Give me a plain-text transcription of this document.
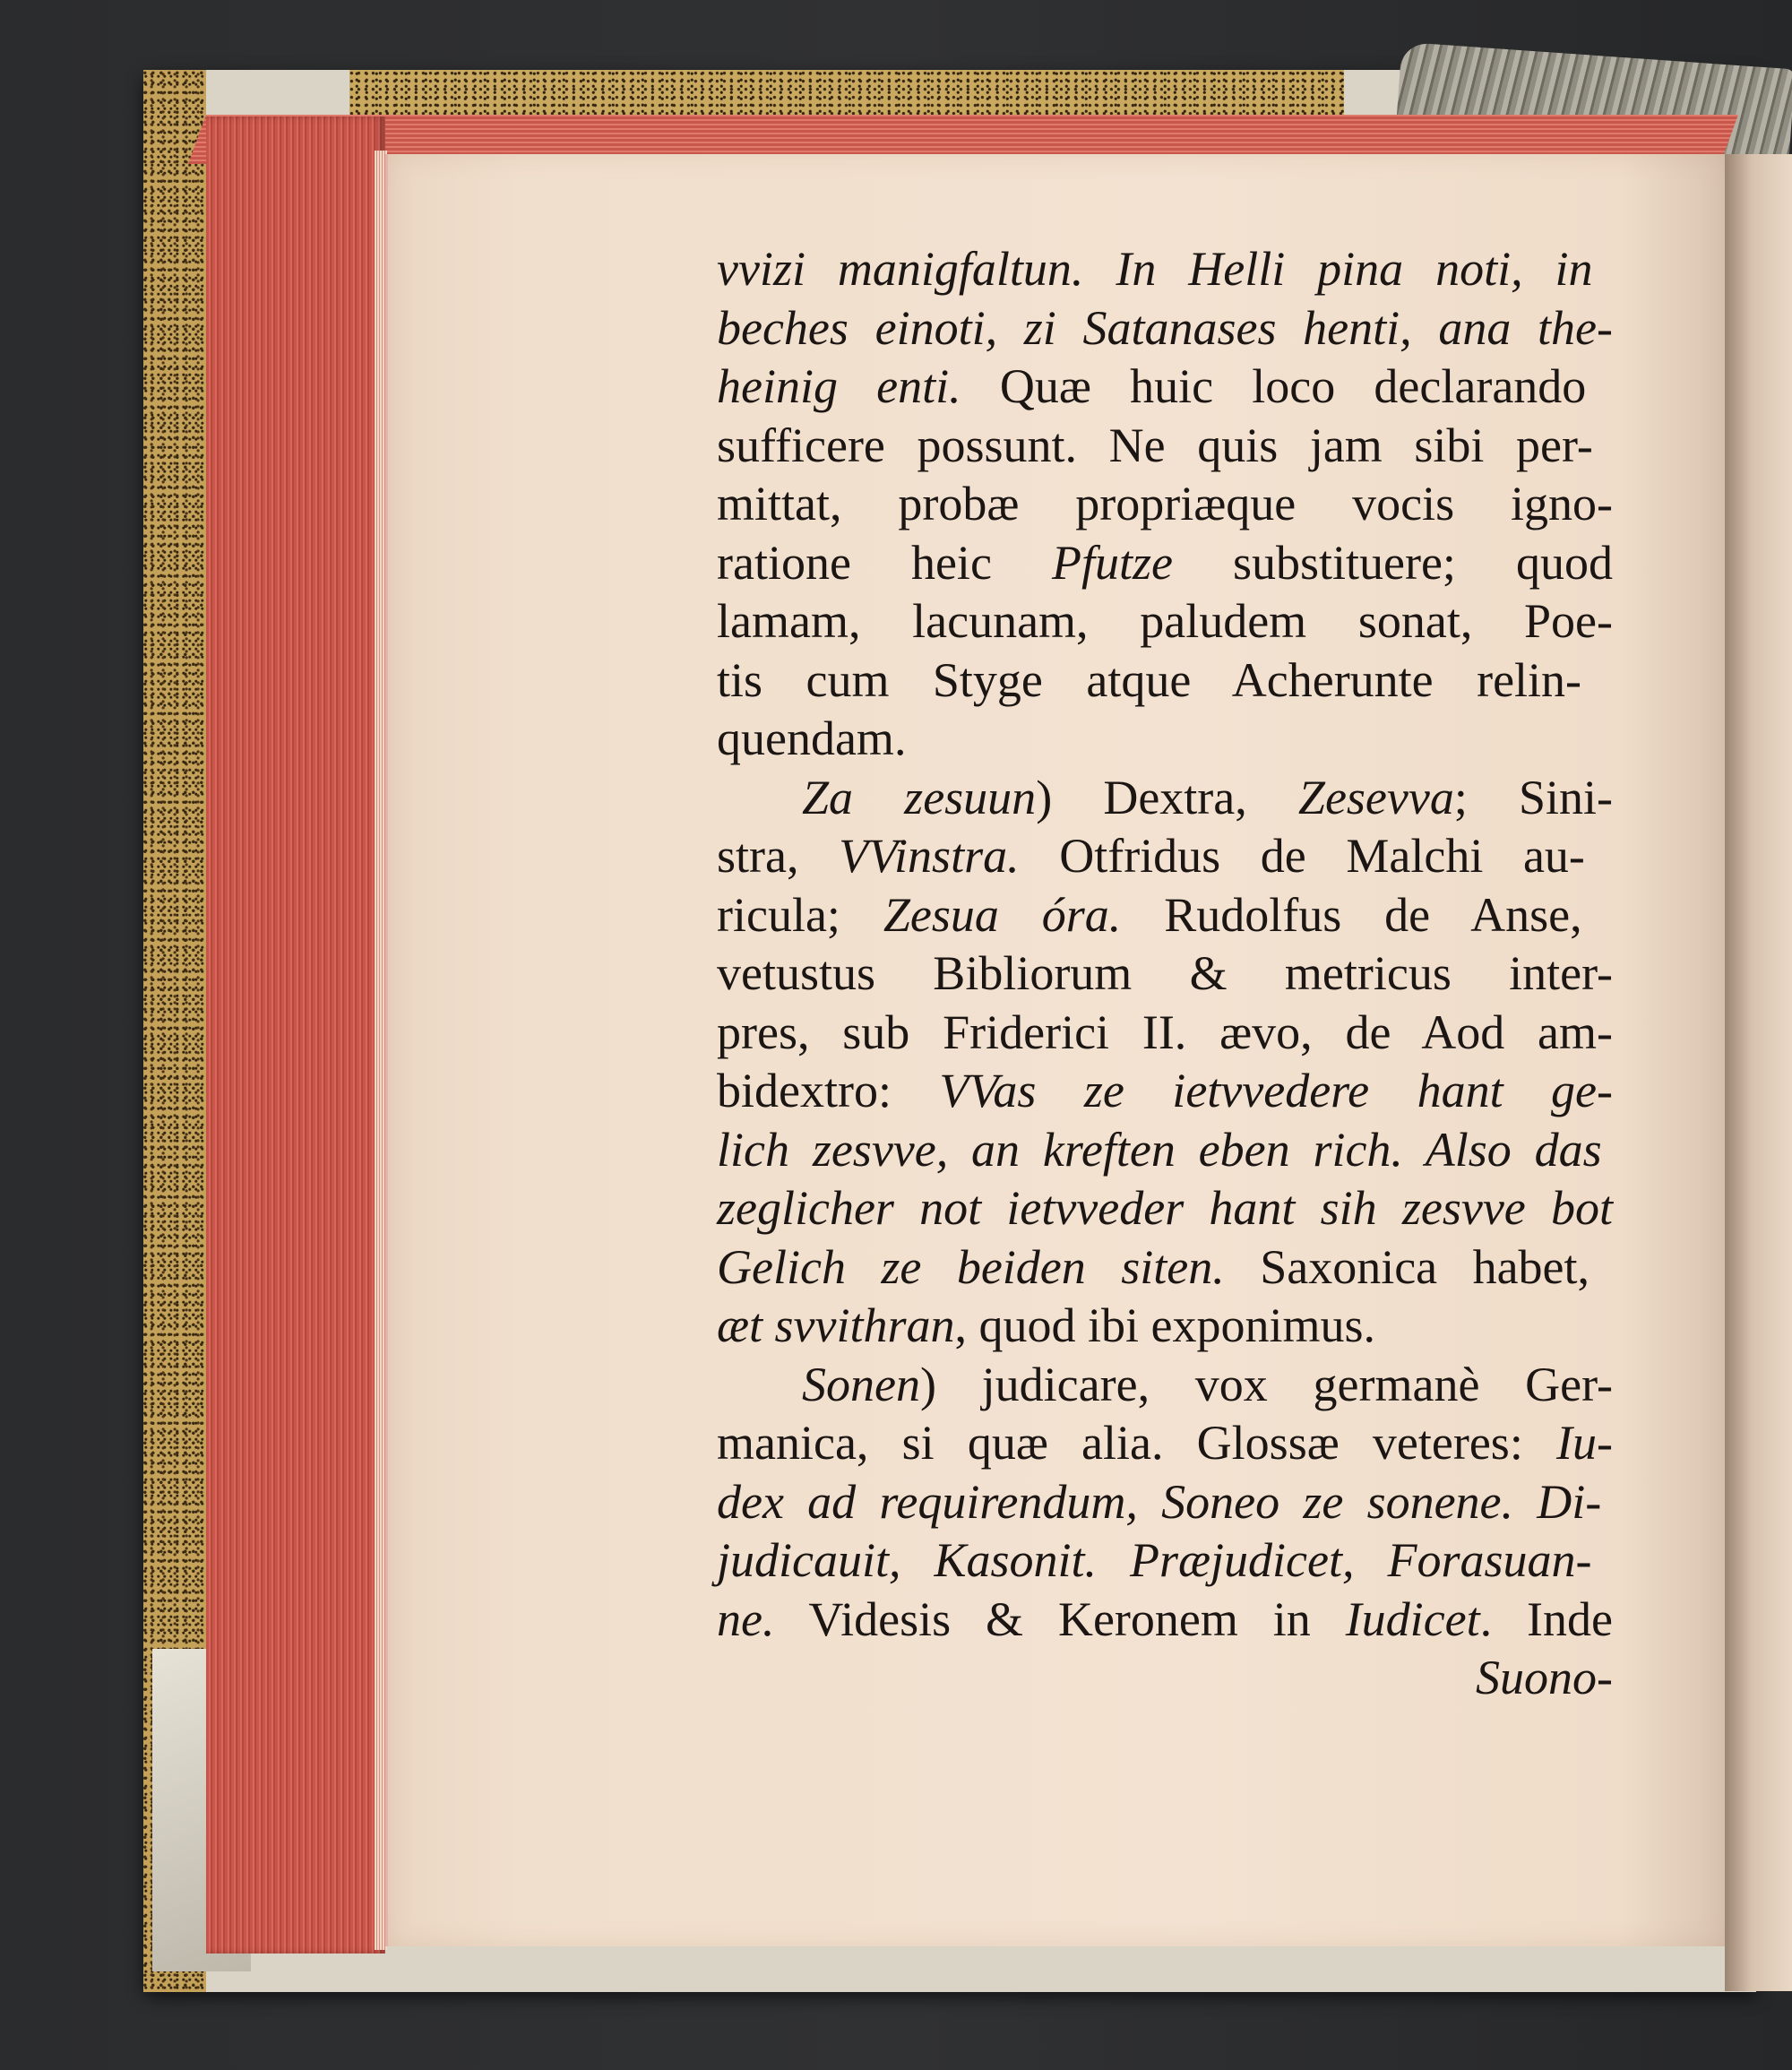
vvizi manigfaltun. In Helli pina noti, in
beches einoti, zi Satanases henti, ana the-
heinig enti. Quæ huic loco declarando
sufficere possunt. Ne quis jam sibi per-
mittat, probæ propriæque vocis igno-
ratione heic Pfutze substituere; quod
lamam, lacunam, paludem sonat, Poe-
tis cum Styge atque Acherunte relin-
quendam.
Za zesuun) Dextra, Zesevva; Sini-
stra, VVinstra. Otfridus de Malchi au-
ricula; Zesua óra. Rudolfus de Anse,
vetustus Bibliorum & metricus inter-
pres, sub Friderici II. ævo, de Aod am-
bidextro: VVas ze ietvvedere hant ge-
lich zesvve, an kreften eben rich. Also das
zeglicher not ietvveder hant sih zesvve bot
Gelich ze beiden siten. Saxonica habet,
æt svvithran, quod ibi exponimus.
Sonen) judicare, vox germanè Ger-
manica, si quæ alia. Glossæ veteres: Iu-
dex ad requirendum, Soneo ze sonene. Di-
judicauit, Kasonit. Præjudicet, Forasuan-
ne. Videsis & Keronem in Iudicet. Inde
Suono-
